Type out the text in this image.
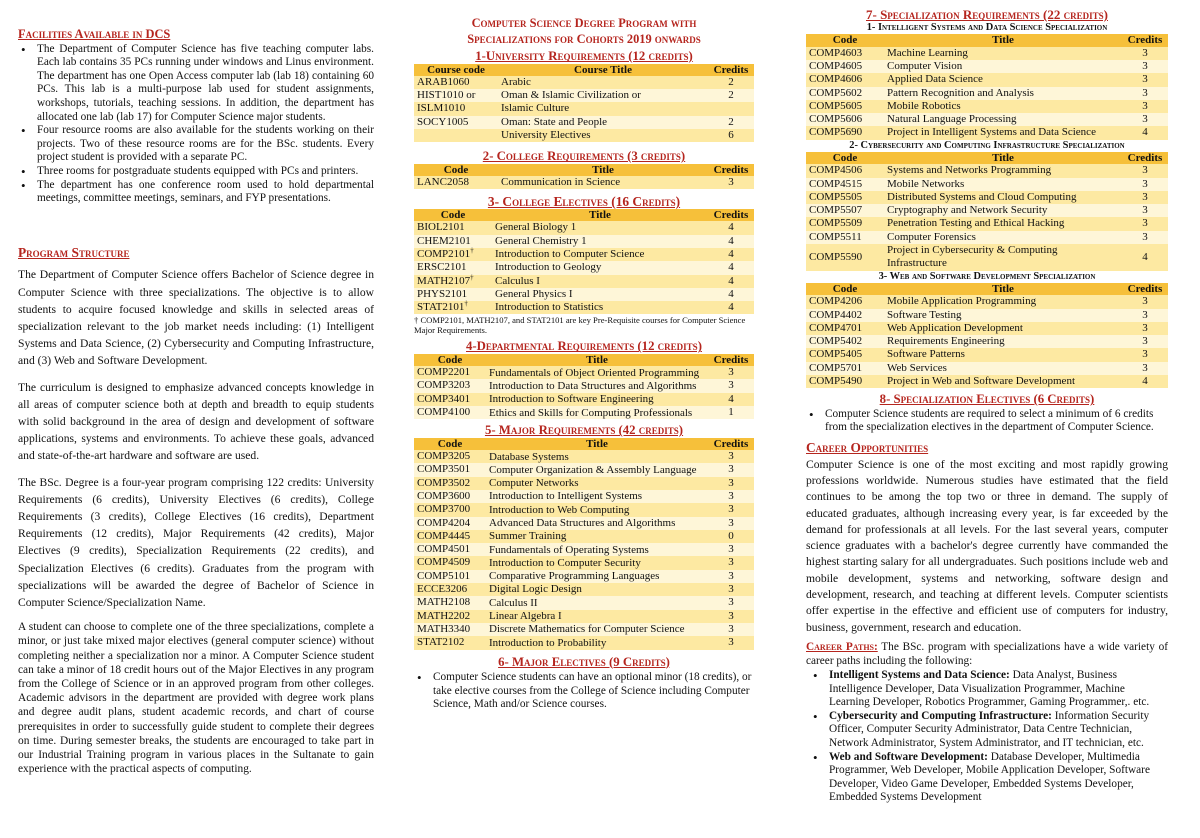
Facilities Available in DCS
• The Department of Computer Science has five teaching computer labs. Each lab contains 35 PCs running under windows and Linus environment. The department has one Open Access computer lab (lab 18) containing 60 PCs. This lab is a multi-purpose lab used for student assignments, workshops, tutorials, teaching sessions. In addition, the department has allocated one lab (lab 17) for Computer Science major students.
• Four resource rooms are also available for the students working on their projects. Two of these resource rooms are for the BSc. students. Every project student is provided with a separate PC.
• Three rooms for postgraduate students equipped with PCs and printers.
• The department has one conference room used to hold departmental meetings, committee meetings, seminars, and FYP presentations.
Program Structure

The Department of Computer Science offers Bachelor of Science degree in Computer Science with three specializations. The objective is to allow students to acquire focused knowledge and skills in selected areas of specialization relevant to the job market needs including: (1) Intelligent Systems and Data Science, (2) Cybersecurity and Computing Infrastructure, and (3) Web and Software Development.

The curriculum is designed to emphasize advanced concepts knowledge in all areas of computer science both at depth and breadth to equip students with solid background in the area of design and development of software applications, systems and environments. To achieve these goals, advanced and state-of-the-art hardware and software are used.

The BSc. Degree is a four-year program comprising 122 credits: University Requirements (6 credits), University Electives (6 credits), College Requirements (3 credits), College Electives (16 credits), Department Requirements (12 credits), Major Requirements (42 credits), Major Electives (9 credits), Specialization Requirements (22 credits), and Specialization Electives (6 credits). Graduates from the program with specializations will be awarded the degree of Bachelor of Science in Computer Science/Specialization Name.

A student can choose to complete one of the three specializations, complete a minor, or just take mixed major electives (general computer science) without completing neither a specialization nor a minor. A Computer Science student can take a minor of 18 credit hours out of the Major Electives in any program from the College of Science or in an approved program from other colleges. Academic advisors in the department are provided with degree work plans and degree audit plans, student academic records, and chart of course prerequisites in order to successfully guide student to complete their degrees on time. During semester breaks, the students are encouraged to take part in our Industrial Training program in various places in the Sultanate to gain experience with the practical aspects of computing.

Computer Science Degree Program with
Specializations for Cohorts 2019 onwards
1-University Requirements (12 credits)
Course code	Course Title	Credits
ARAB1060	Arabic	2
HIST1010 or	Oman & Islamic Civilization or	2
ISLM1010	Islamic Culture	
SOCY1005	Oman: State and People	2
	University Electives	6
2- College Requirements (3 credits)
Code	Title	Credits
LANC2058	Communication in Science	3
3- College Electives (16 Credits)
Code	Title	Credits
BIOL2101	General Biology 1	4
CHEM2101	General Chemistry 1	4
COMP2101†	Introduction to Computer Science	4
ERSC2101	Introduction to Geology	4
MATH2107†	Calculus I	4
PHYS2101	General Physics I	4
STAT2101†	Introduction to Statistics	4
† COMP2101, MATH2107, and STAT2101 are key Pre-Requisite courses for Computer Science Major Requirements.
4-Departmental Requirements (12 credits)
Code	Title	Credits
COMP2201	Fundamentals of Object Oriented Programming	3
COMP3203	Introduction to Data Structures and Algorithms	3
COMP3401	Introduction to Software Engineering	4
COMP4100	Ethics and Skills for Computing Professionals	1
5- Major Requirements (42 credits)
Code	Title	Credits
COMP3205	Database Systems	3
COMP3501	Computer Organization & Assembly Language	3
COMP3502	Computer Networks	3
COMP3600	Introduction to Intelligent Systems	3
COMP3700	Introduction to Web Computing	3
COMP4204	Advanced Data Structures and Algorithms	3
COMP4445	Summer Training	0
COMP4501	Fundamentals of Operating Systems	3
COMP4509	Introduction to Computer Security	3
COMP5101	Comparative Programming Languages	3
ECCE3206	Digital Logic Design	3
MATH2108	Calculus II	3
MATH2202	Linear Algebra I	3
MATH3340	Discrete Mathematics for Computer Science	3
STAT2102	Introduction to Probability	3
6- Major Electives (9 Credits)
• Computer Science students can have an optional minor (18 credits), or take elective courses from the College of Science including Computer Science, Math and/or Science courses.
7- Specialization Requirements (22 credits)
1- Intelligent Systems and Data Science Specialization
Code	Title	Credits
COMP4603	Machine Learning	3
COMP4605	Computer Vision	3
COMP4606	Applied Data Science	3
COMP5602	Pattern Recognition and Analysis	3
COMP5605	Mobile Robotics	3
COMP5606	Natural Language Processing	3
COMP5690	Project in Intelligent Systems and Data Science	4
2- Cybersecurity and Computing Infrastructure Specialization
Code	Title	Credits
COMP4506	Systems and Networks Programming	3
COMP4515	Mobile Networks	3
COMP5505	Distributed Systems and Cloud Computing	3
COMP5507	Cryptography and Network Security	3
COMP5509	Penetration Testing and Ethical Hacking	3
COMP5511	Computer Forensics	3
COMP5590	Project in Cybersecurity & Computing Infrastructure	4
3- Web and Software Development Specialization
Code	Title	Credits
COMP4206	Mobile Application Programming	3
COMP4402	Software Testing	3
COMP4701	Web Application Development	3
COMP5402	Requirements Engineering	3
COMP5405	Software Patterns	3
COMP5701	Web Services	3
COMP5490	Project in Web and Software Development	4
8- Specialization Electives (6 Credits)
• Computer Science students are required to select a minimum of 6 credits from the specialization electives in the department of Computer Science.
Career Opportunities

Computer Science is one of the most exciting and most rapidly growing professions worldwide. Numerous studies have estimated that the field continues to be among the top two or three in demand. The supply of educated graduates, although increasing every year, is far exceeded by the demand for professionals at all levels. For the last several years, computer science graduates with a bachelor's degree currently have commanded the highest starting salary for all undergraduates. Such positions include web and mobile development, systems and networking, software design and development, research, and teaching at different levels. Computer scientists offer expertise in the effective and efficient use of computers for industry, business, government, research and education.

Career Paths: The BSc. program with specializations have a wide variety of career paths including the following:

• Intelligent Systems and Data Science: Data Analyst, Business Intelligence Developer, Data Visualization Programmer, Machine Learning Developer, Robotics Programmer, Gaming Programmer,. etc.
• Cybersecurity and Computing Infrastructure: Information Security Officer, Computer Security Administrator, Data Centre Technician, Network Administrator, System Administrator, and IT technician, etc.
• Web and Software Development: Database Developer, Multimedia Programmer, Web Developer, Mobile Application Developer, Software Developer, Video Game Developer, Embedded Systems Developer, Embedded Systems Development
